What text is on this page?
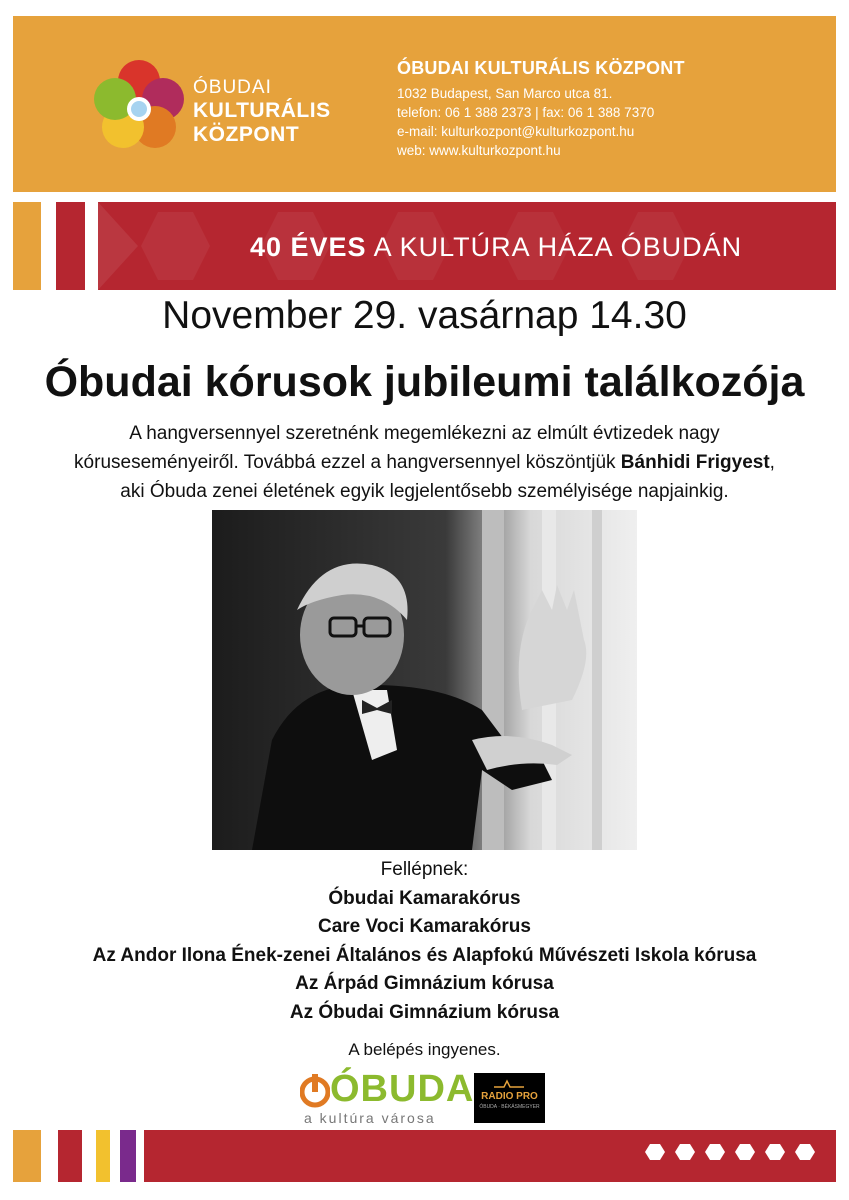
ÓBUDAI
KULTURÁLIS
KÖZPONT
ÓBUDAI KULTURÁLIS KÖZPONT
1032 Budapest, San Marco utca 81.
telefon: 06 1 388 2373 | fax: 06 1 388 7370
e-mail: kulturkozpont@kulturkozpont.hu
web: www.kulturkozpont.hu
40 ÉVES A KULTÚRA HÁZA ÓBUDÁN
November 29. vasárnap 14.30
Óbudai kórusok jubileumi találkozója
A hangversennyel szeretnénk megemlékezni az elmúlt évtizedek nagy kóruseseményeiről. Továbbá ezzel a hangversennyel köszöntjük Bánhidi Frigyest, aki Óbuda zenei életének egyik legjelentősebb személyisége napjainkig.
Fellépnek:
Óbudai Kamarakórus
Care Voci Kamarakórus
Az Andor Ilona Ének-zenei Általános és Alapfokú Művészeti Iskola kórusa
Az Árpád Gimnázium kórusa
Az Óbudai Gimnázium kórusa
A belépés ingyenes.
ÓBUDA
a kultúra városa
RADIO PRO
ÓBUDA · BÉKÁSMEGYER
